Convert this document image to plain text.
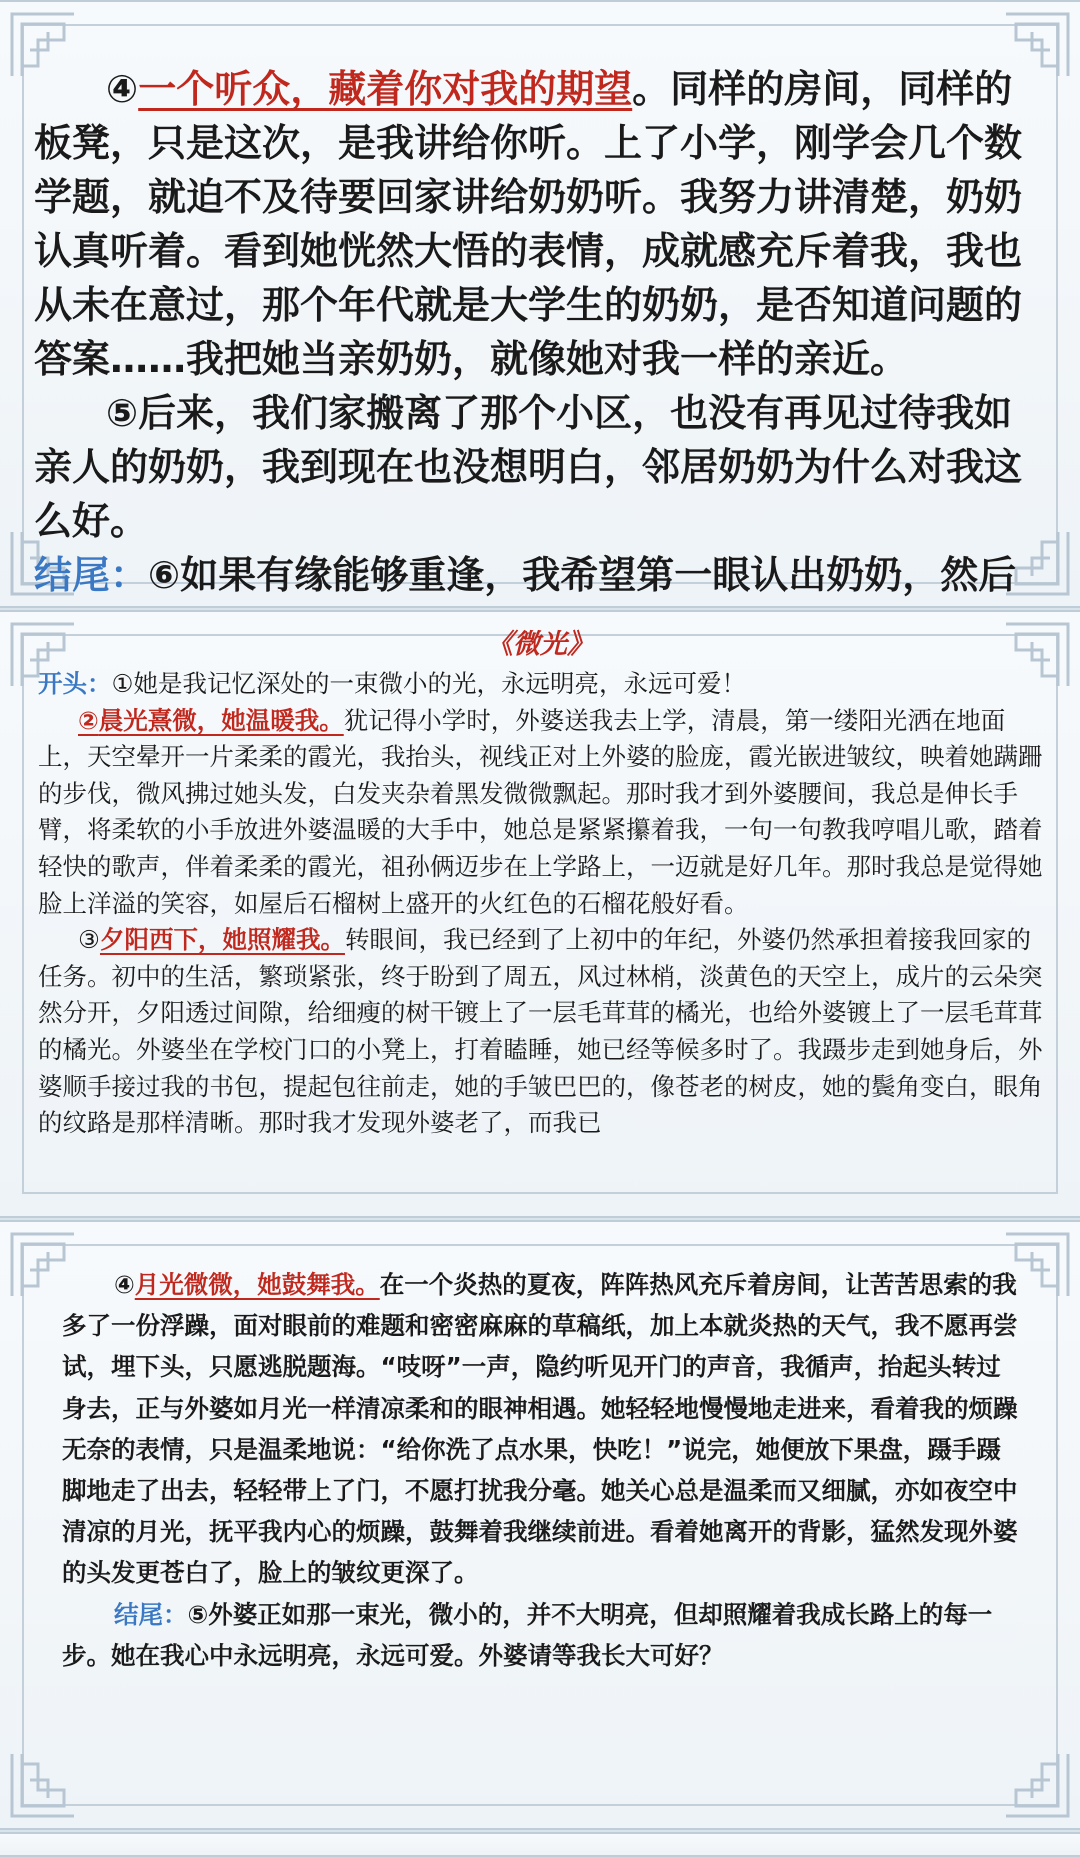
④一个听众，藏着你对我的期望。同样的房间，同样的板凳，只是这次，是我讲给你听。上了小学，刚学会几个数学题，就迫不及待要回家讲给奶奶听。我努力讲清楚，奶奶认真听着。看到她恍然大悟的表情，成就感充斥着我，我也从未在意过，那个年代就是大学生的奶奶，是否知道问题的答案……我把她当亲奶奶，就像她对我一样的亲近。

⑤后来，我们家搬离了那个小区，也没有再见过待我如亲人的奶奶，我到现在也没想明白，邻居奶奶为什么对我这么好。

结尾：⑥如果有缘能够重逢，我希望第一眼认出奶奶，然后

《微光》

开头：①她是我记忆深处的一束微小的光，永远明亮，永远可爱！

②晨光熹微，她温暖我。犹记得小学时，外婆送我去上学，清晨，第一缕阳光洒在地面上，天空晕开一片柔柔的霞光，我抬头，视线正对上外婆的脸庞，霞光嵌进皱纹，映着她蹒跚的步伐，微风拂过她头发，白发夹杂着黑发微微飘起。那时我才到外婆腰间，我总是伸长手臂，将柔软的小手放进外婆温暖的大手中，她总是紧紧攥着我，一句一句教我哼唱儿歌，踏着轻快的歌声，伴着柔柔的霞光，祖孙俩迈步在上学路上，一迈就是好几年。那时我总是觉得她脸上洋溢的笑容，如屋后石榴树上盛开的火红色的石榴花般好看。

③夕阳西下，她照耀我。转眼间，我已经到了上初中的年纪，外婆仍然承担着接我回家的任务。初中的生活，繁琐紧张，终于盼到了周五，风过林梢，淡黄色的天空上，成片的云朵突然分开，夕阳透过间隙，给细瘦的树干镀上了一层毛茸茸的橘光，也给外婆镀上了一层毛茸茸的橘光。外婆坐在学校门口的小凳上，打着瞌睡，她已经等候多时了。我蹑步走到她身后，外婆顺手接过我的书包，提起包往前走，她的手皱巴巴的，像苍老的树皮，她的鬓角变白，眼角的纹路是那样清晰。那时我才发现外婆老了，而我已

④月光微微，她鼓舞我。在一个炎热的夏夜，阵阵热风充斥着房间，让苦苦思索的我多了一份浮躁，面对眼前的难题和密密麻麻的草稿纸，加上本就炎热的天气，我不愿再尝试，埋下头，只愿逃脱题海。“吱呀”一声，隐约听见开门的声音，我循声，抬起头转过身去，正与外婆如月光一样清凉柔和的眼神相遇。她轻轻地慢慢地走进来，看着我的烦躁无奈的表情，只是温柔地说：“给你洗了点水果，快吃！”说完，她便放下果盘，蹑手蹑脚地走了出去，轻轻带上了门，不愿打扰我分毫。她关心总是温柔而又细腻，亦如夜空中清凉的月光，抚平我内心的烦躁，鼓舞着我继续前进。看着她离开的背影，猛然发现外婆的头发更苍白了，脸上的皱纹更深了。

结尾：⑤外婆正如那一束光，微小的，并不大明亮，但却照耀着我成长路上的每一步。她在我心中永远明亮，永远可爱。外婆请等我长大可好？
